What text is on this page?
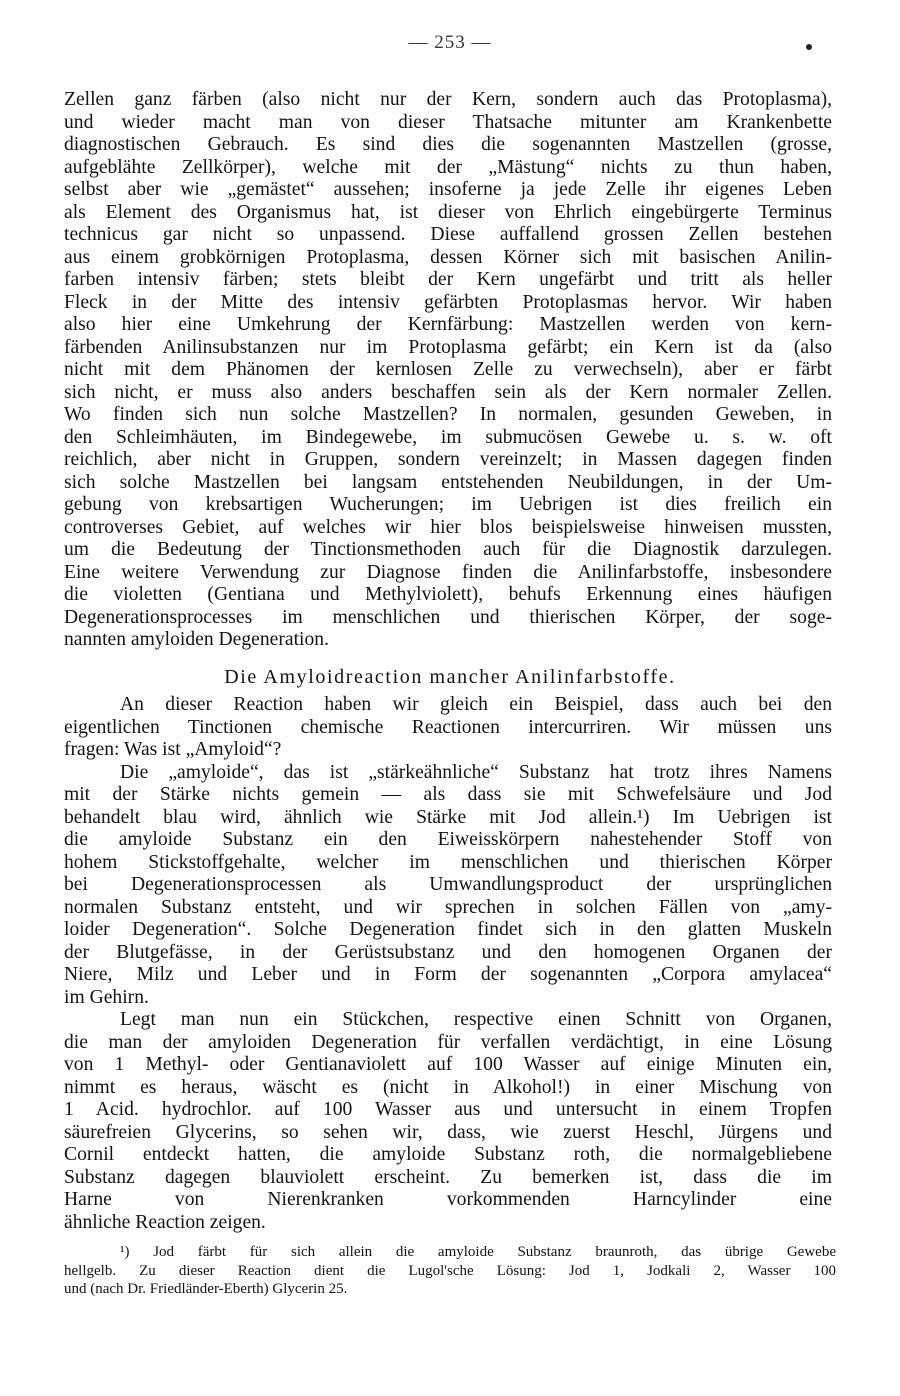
— 253 —
Zellen ganz färben (also nicht nur der Kern, sondern auch das Protoplasma),
und wieder macht man von dieser Thatsache mitunter am Krankenbette
diagnostischen Gebrauch. Es sind dies die sogenannten Mastzellen (grosse,
aufgeblähte Zellkörper), welche mit der „Mästung“ nichts zu thun haben,
selbst aber wie „gemästet“ aussehen; insoferne ja jede Zelle ihr eigenes Leben
als Element des Organismus hat, ist dieser von Ehrlich eingebürgerte Terminus
technicus gar nicht so unpassend. Diese auffallend grossen Zellen bestehen
aus einem grobkörnigen Protoplasma, dessen Körner sich mit basischen Anilin-
farben intensiv färben; stets bleibt der Kern ungefärbt und tritt als heller
Fleck in der Mitte des intensiv gefärbten Protoplasmas hervor. Wir haben
also hier eine Umkehrung der Kernfärbung: Mastzellen werden von kern-
färbenden Anilinsubstanzen nur im Protoplasma gefärbt; ein Kern ist da (also
nicht mit dem Phänomen der kernlosen Zelle zu verwechseln), aber er färbt
sich nicht, er muss also anders beschaffen sein als der Kern normaler Zellen.
Wo finden sich nun solche Mastzellen? In normalen, gesunden Geweben, in
den Schleimhäuten, im Bindegewebe, im submucösen Gewebe u. s. w. oft
reichlich, aber nicht in Gruppen, sondern vereinzelt; in Massen dagegen finden
sich solche Mastzellen bei langsam entstehenden Neubildungen, in der Um-
gebung von krebsartigen Wucherungen; im Uebrigen ist dies freilich ein
controverses Gebiet, auf welches wir hier blos beispielsweise hinweisen mussten,
um die Bedeutung der Tinctionsmethoden auch für die Diagnostik darzulegen.
Eine weitere Verwendung zur Diagnose finden die Anilinfarbstoffe, insbesondere
die violetten (Gentiana und Methylviolett), behufs Erkennung eines häufigen
Degenerationsprocesses im menschlichen und thierischen Körper, der soge-
nannten amyloiden Degeneration.
Die Amyloidreaction mancher Anilinfarbstoffe.
An dieser Reaction haben wir gleich ein Beispiel, dass auch bei den
eigentlichen Tinctionen chemische Reactionen intercurriren. Wir müssen uns
fragen: Was ist „Amyloid“?
Die „amyloide“, das ist „stärkeähnliche“ Substanz hat trotz ihres Namens
mit der Stärke nichts gemein — als dass sie mit Schwefelsäure und Jod
behandelt blau wird, ähnlich wie Stärke mit Jod allein.¹) Im Uebrigen ist
die amyloide Substanz ein den Eiweisskörpern nahestehender Stoff von
hohem Stickstoffgehalte, welcher im menschlichen und thierischen Körper
bei Degenerationsprocessen als Umwandlungsproduct der ursprünglichen
normalen Substanz entsteht, und wir sprechen in solchen Fällen von „amy-
loider Degeneration“. Solche Degeneration findet sich in den glatten Muskeln
der Blutgefässe, in der Gerüstsubstanz und den homogenen Organen der
Niere, Milz und Leber und in Form der sogenannten „Corpora amylacea“
im Gehirn.
Legt man nun ein Stückchen, respective einen Schnitt von Organen,
die man der amyloiden Degeneration für verfallen verdächtigt, in eine Lösung
von 1 Methyl- oder Gentianaviolett auf 100 Wasser auf einige Minuten ein,
nimmt es heraus, wäscht es (nicht in Alkohol!) in einer Mischung von
1 Acid. hydrochlor. auf 100 Wasser aus und untersucht in einem Tropfen
säurefreien Glycerins, so sehen wir, dass, wie zuerst Heschl, Jürgens und
Cornil entdeckt hatten, die amyloide Substanz roth, die normalgebliebene
Substanz dagegen blauviolett erscheint. Zu bemerken ist, dass die im
Harne von Nierenkranken vorkommenden Harncylinder eine
ähnliche Reaction zeigen.
¹) Jod färbt für sich allein die amyloide Substanz braunroth, das übrige Gewebe
hellgelb. Zu dieser Reaction dient die Lugol'sche Lösung: Jod 1, Jodkali 2, Wasser 100
und (nach Dr. Friedländer-Eberth) Glycerin 25.
